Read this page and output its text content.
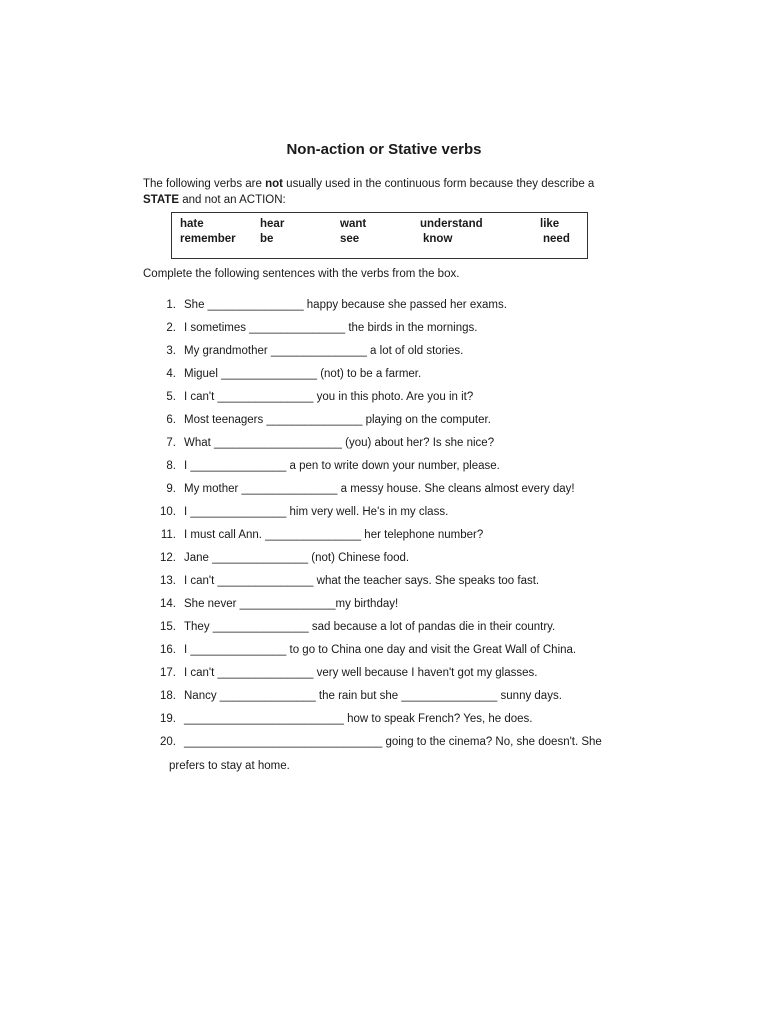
Non-action or Stative verbs
The following verbs are not usually used in the continuous form because they describe a STATE and not an ACTION:
hate	hear	want	understand	like
remember be	see	know	need
Complete the following sentences with the verbs from the box.
1. She _______________ happy because she passed her exams.
2. I sometimes _______________ the birds in the mornings.
3. My grandmother _______________ a lot of old stories.
4. Miguel _______________ (not) to be a farmer.
5. I can't _______________ you in this photo. Are you in it?
6. Most teenagers _______________ playing on the computer.
7. What ____________________ (you) about her? Is she nice?
8. I _______________ a pen to write down your number, please.
9. My mother _______________ a messy house. She cleans almost every day!
10. I _______________ him very well. He's in my class.
11. I must call Ann. _______________ her telephone number?
12. Jane _______________ (not) Chinese food.
13. I can't _______________ what the teacher says. She speaks too fast.
14. She never _______________my birthday!
15. They _______________ sad because a lot of pandas die in their country.
16. I _______________ to go to China one day and visit the Great Wall of China.
17. I can't _______________ very well because I haven't got my glasses.
18. Nancy _______________ the rain but she _______________ sunny days.
19. _________________________ how to speak French? Yes, he does.
20. _______________________________ going to the cinema? No, she doesn't. She
prefers to stay at home.
